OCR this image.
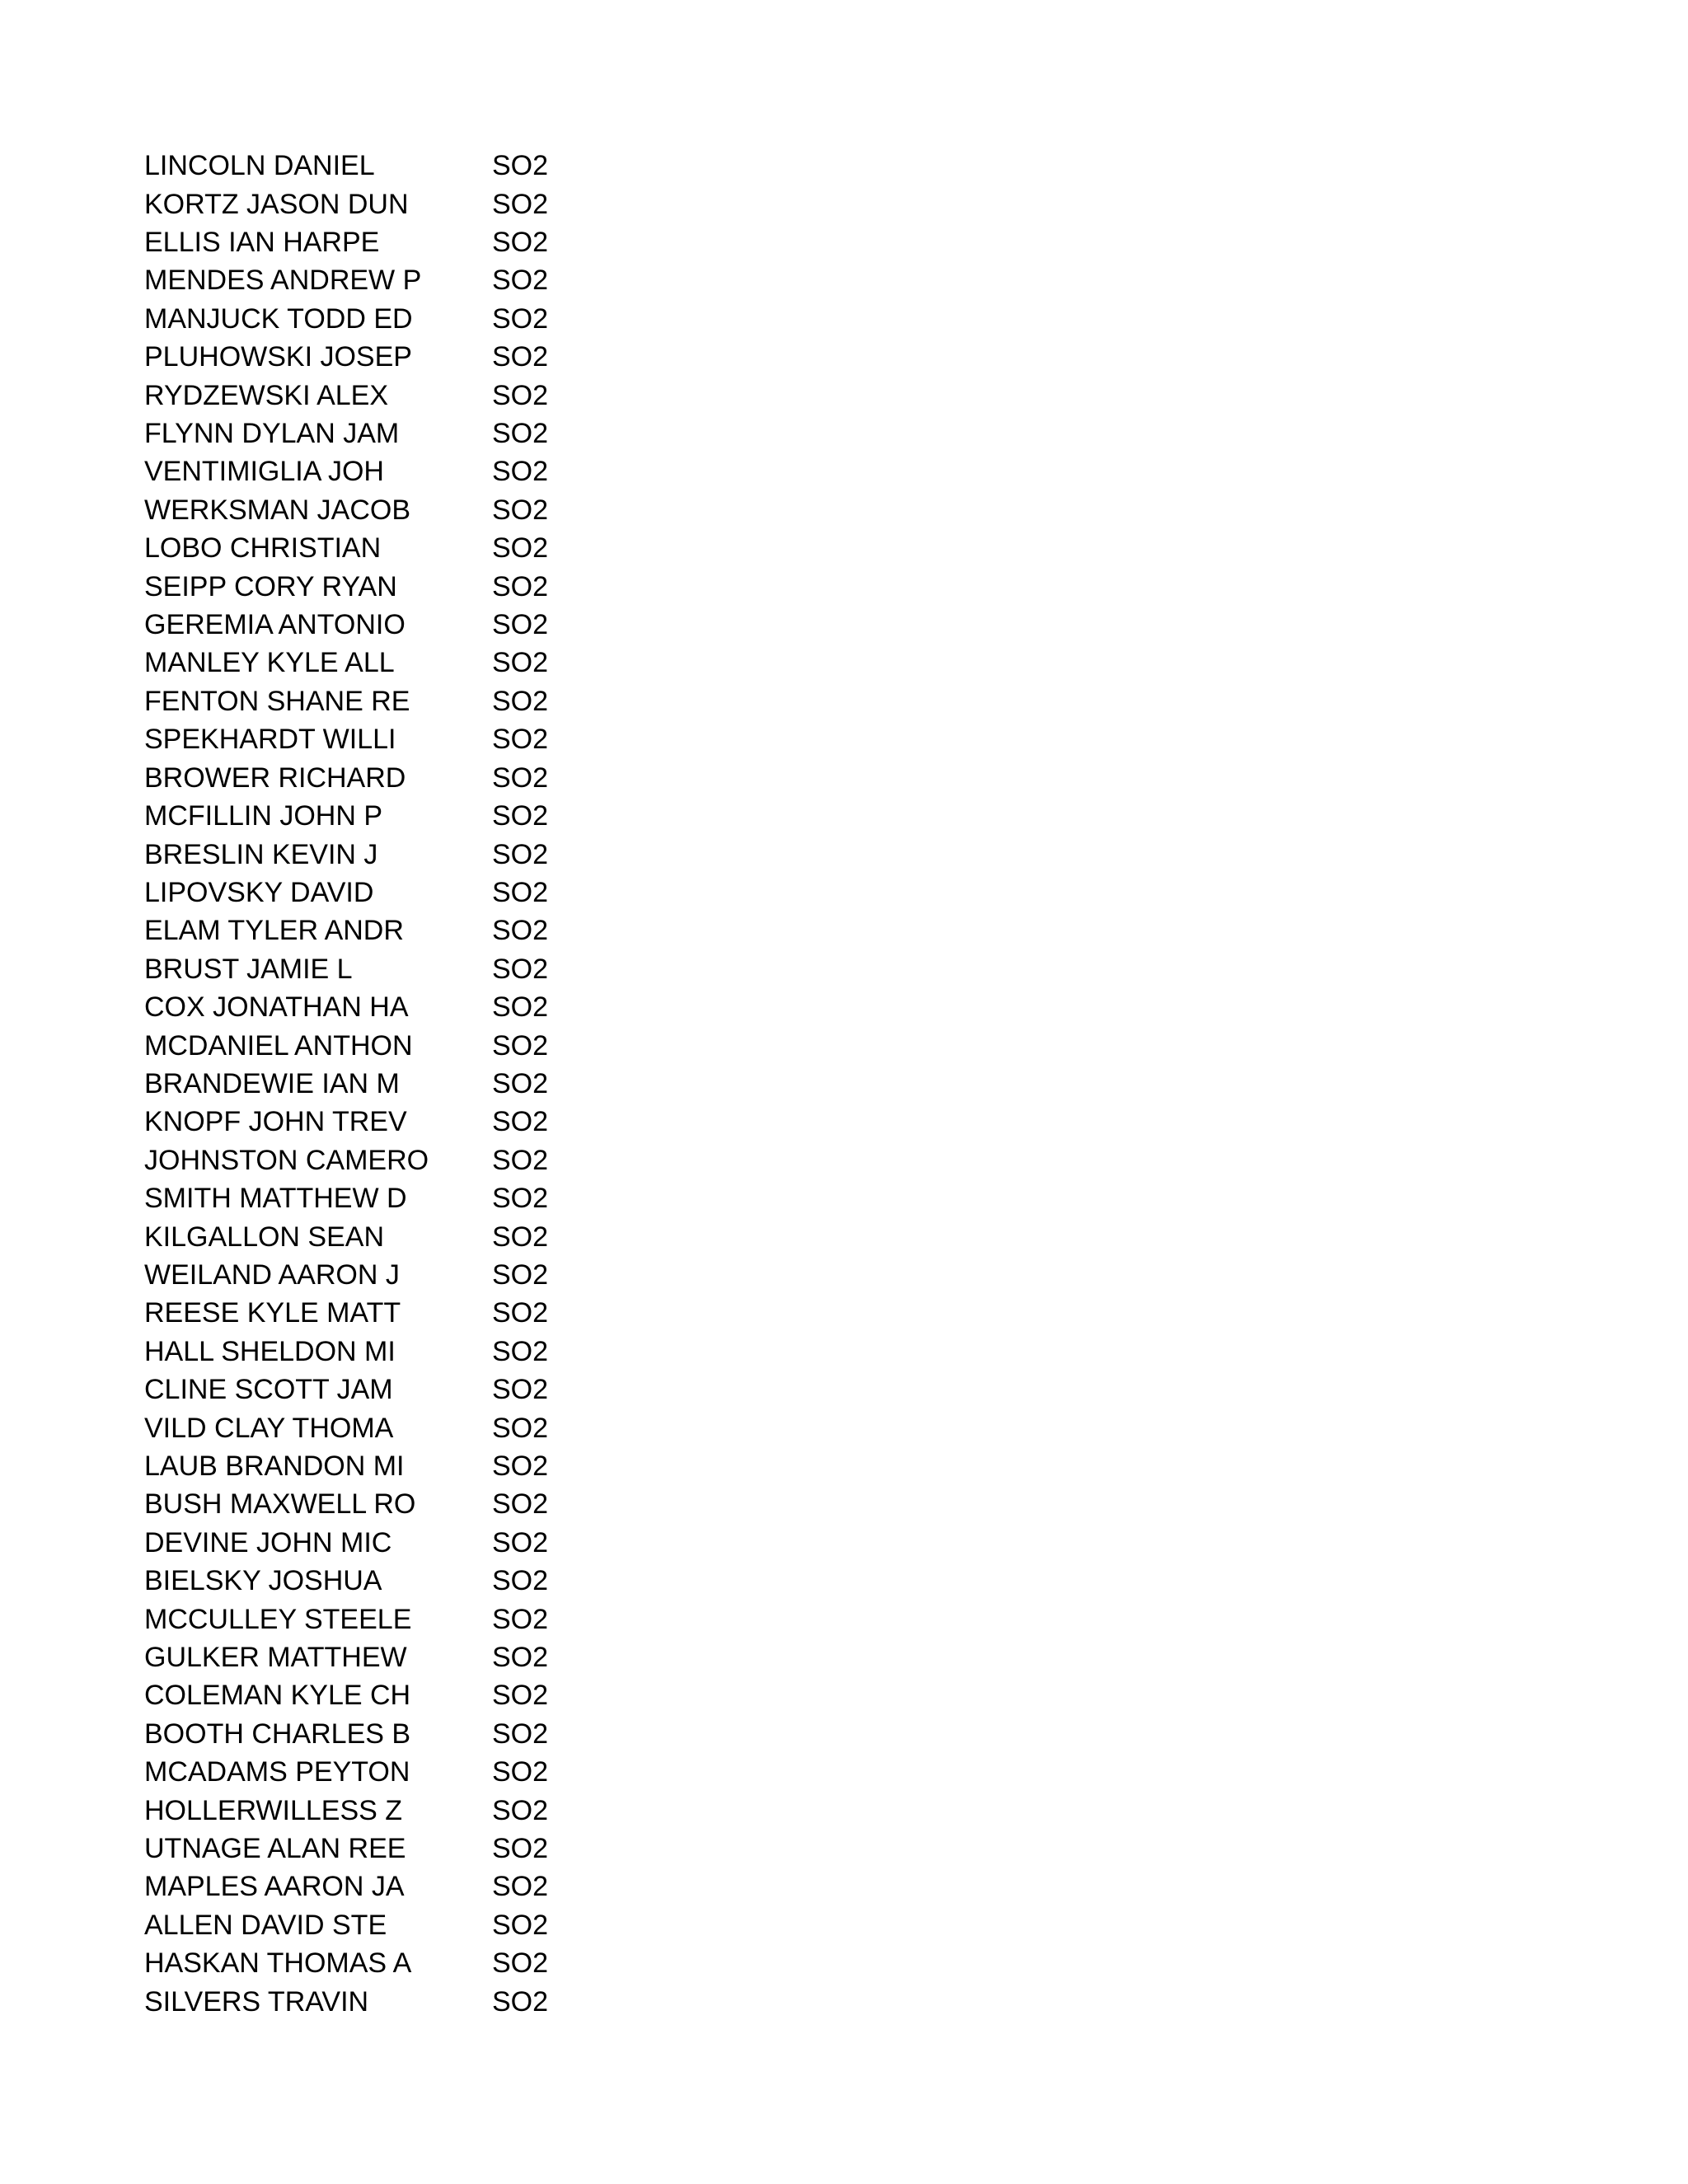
LINCOLN DANIEL	SO2
KORTZ JASON DUN	SO2
ELLIS IAN HARPE	SO2
MENDES ANDREW P	SO2
MANJUCK TODD ED	SO2
PLUHOWSKI JOSEP	SO2
RYDZEWSKI ALEX	SO2
FLYNN DYLAN JAM	SO2
VENTIMIGLIA JOH	SO2
WERKSMAN JACOB	SO2
LOBO CHRISTIAN	SO2
SEIPP CORY RYAN	SO2
GEREMIA ANTONIO	SO2
MANLEY KYLE ALL	SO2
FENTON SHANE RE	SO2
SPEKHARDT WILLI	SO2
BROWER RICHARD	SO2
MCFILLIN JOHN P	SO2
BRESLIN KEVIN J	SO2
LIPOVSKY DAVID	SO2
ELAM TYLER ANDR	SO2
BRUST JAMIE L	SO2
COX JONATHAN HA	SO2
MCDANIEL ANTHON	SO2
BRANDEWIE IAN M	SO2
KNOPF JOHN TREV	SO2
JOHNSTON CAMERO	SO2
SMITH MATTHEW D	SO2
KILGALLON SEAN	SO2
WEILAND AARON J	SO2
REESE KYLE MATT	SO2
HALL SHELDON MI	SO2
CLINE SCOTT JAM	SO2
VILD CLAY THOMA	SO2
LAUB BRANDON MI	SO2
BUSH MAXWELL RO	SO2
DEVINE JOHN MIC	SO2
BIELSKY JOSHUA	SO2
MCCULLEY STEELE	SO2
GULKER MATTHEW	SO2
COLEMAN KYLE CH	SO2
BOOTH CHARLES B	SO2
MCADAMS PEYTON	SO2
HOLLERWILLESS Z	SO2
UTNAGE ALAN REE	SO2
MAPLES AARON JA	SO2
ALLEN DAVID STE	SO2
HASKAN THOMAS A	SO2
SILVERS TRAVIN	SO2
